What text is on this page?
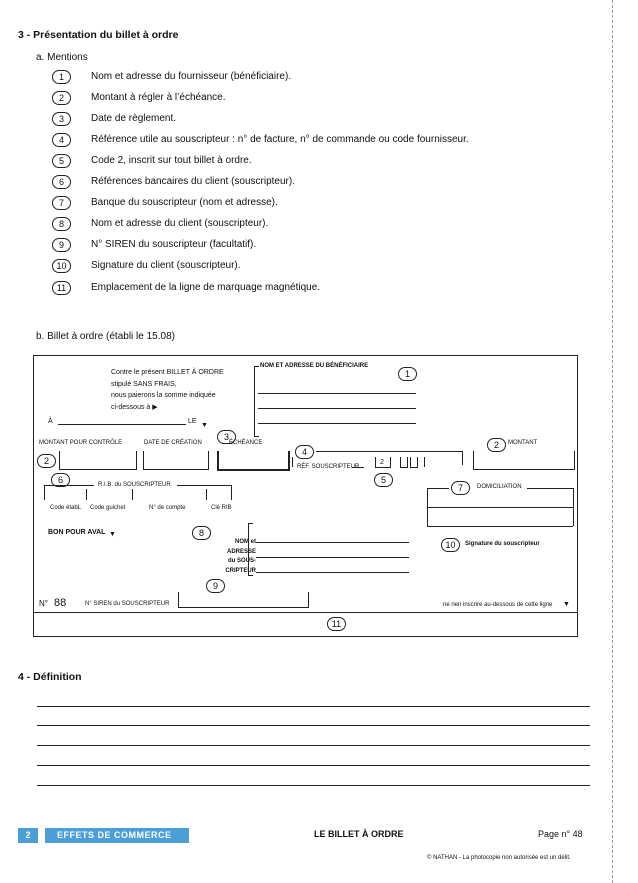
3 - Présentation du billet à ordre
a. Mentions
1	Nom et adresse du fournisseur (bénéficiaire).
2	Montant à régler à l’échéance.
3	Date de règlement.
4	Référence utile au souscripteur : n° de facture, n° de commande ou code fournisseur.
5	Code 2, inscrit sur tout billet à ordre.
6	Références bancaires du client (souscripteur).
7	Banque du souscripteur (nom et adresse).
8	Nom et adresse du client (souscripteur).
9	N° SIREN du souscripteur (facultatif).
10	Signature du client (souscripteur).
11	Emplacement de la ligne de marquage magnétique.
b. Billet à ordre (établi le 15.08)
Contre le présent BILLET À ORDRE
stipulé SANS FRAIS,
nous paierons la somme indiquée
ci-dessous à ▶
À	LE
▼
NOM ET ADRESSE DU BÉNÉFICIAIRE
1
MONTANT POUR CONTRÔLE	DATE DE CRÉATION
3
ÉCHÉANCE	2	MONTANT
2
4
RÉF. SOUSCRIPTEUR
2
5
6	R.I.B. du SOUSCRIPTEUR
Code étabL Code guichet	N° de compte	Clé RIB
7	DOMICILIATION
BON POUR AVAL ▼	8
NOM et
ADRESSE
du SOUS-
CRIPTEUR
10	Signature du souscripteur
9
N° 88	N° SIREN du SOUSCRIPTEUR	ne rien inscrire au-dessous de cette ligne ▼
11
4 - Définition
2	EFFETS DE COMMERCE	LE BILLET À ORDRE	Page n° 48
© NATHAN - La photocopie non autorisée est un délit.
